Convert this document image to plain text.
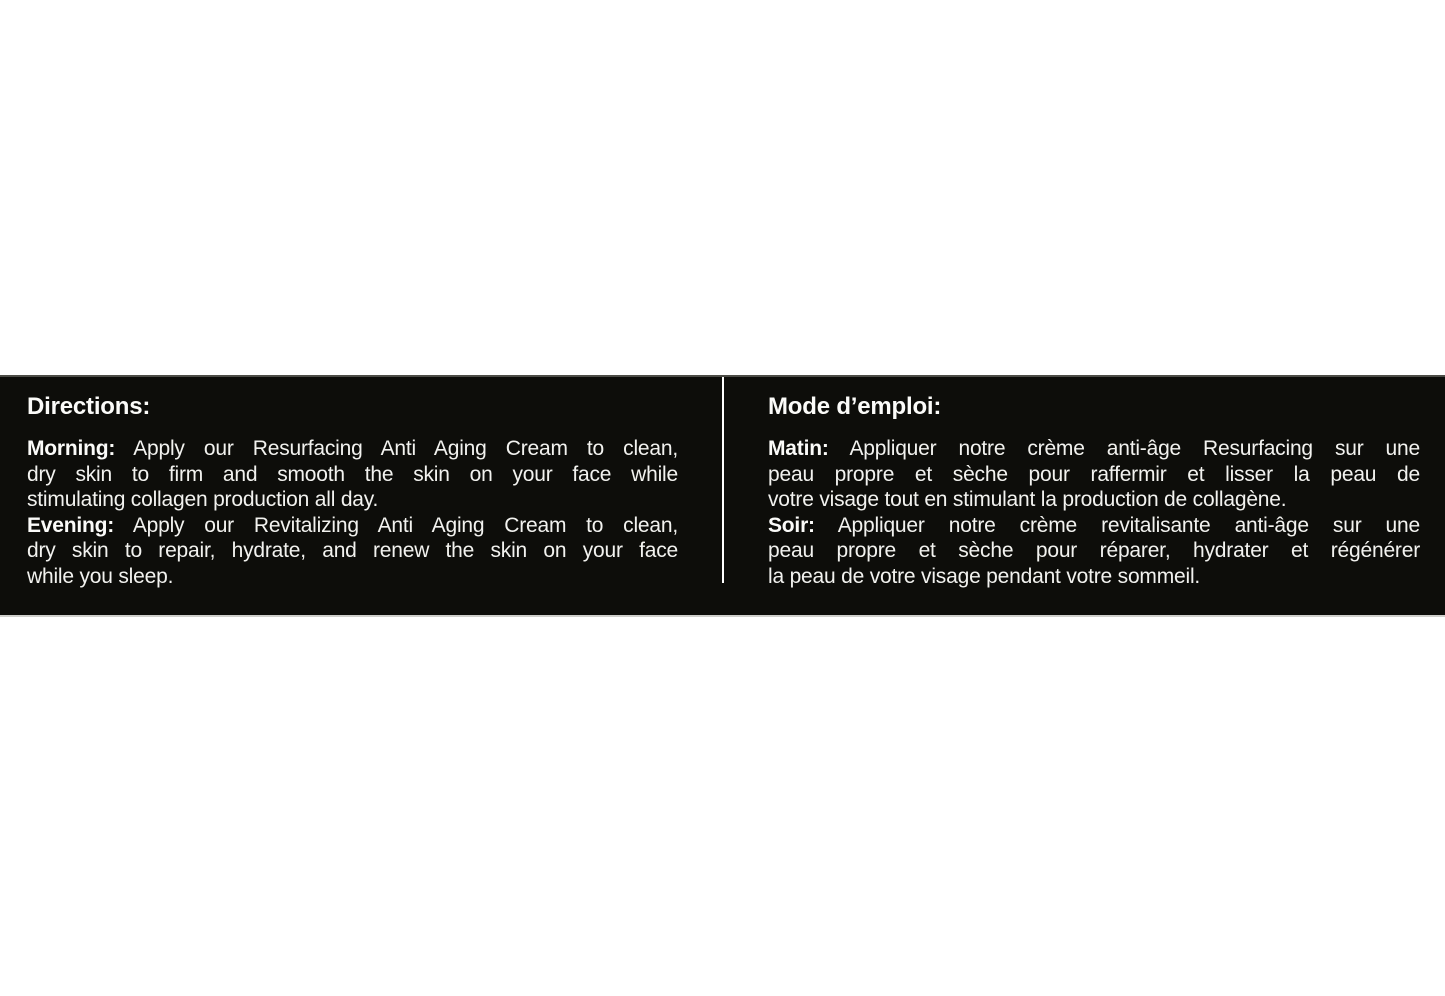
Directions:
Morning: Apply our Resurfacing Anti Aging Cream to clean,
dry skin to firm and smooth the skin on your face while
stimulating collagen production all day.
Evening: Apply our Revitalizing Anti Aging Cream to clean,
dry skin to repair, hydrate, and renew the skin on your face
while you sleep.
Mode d’emploi:
Matin: Appliquer notre crème anti-âge Resurfacing sur une
peau propre et sèche pour raffermir et lisser la peau de
votre visage tout en stimulant la production de collagène.
Soir: Appliquer notre crème revitalisante anti-âge sur une
peau propre et sèche pour réparer, hydrater et régénérer
la peau de votre visage pendant votre sommeil.
